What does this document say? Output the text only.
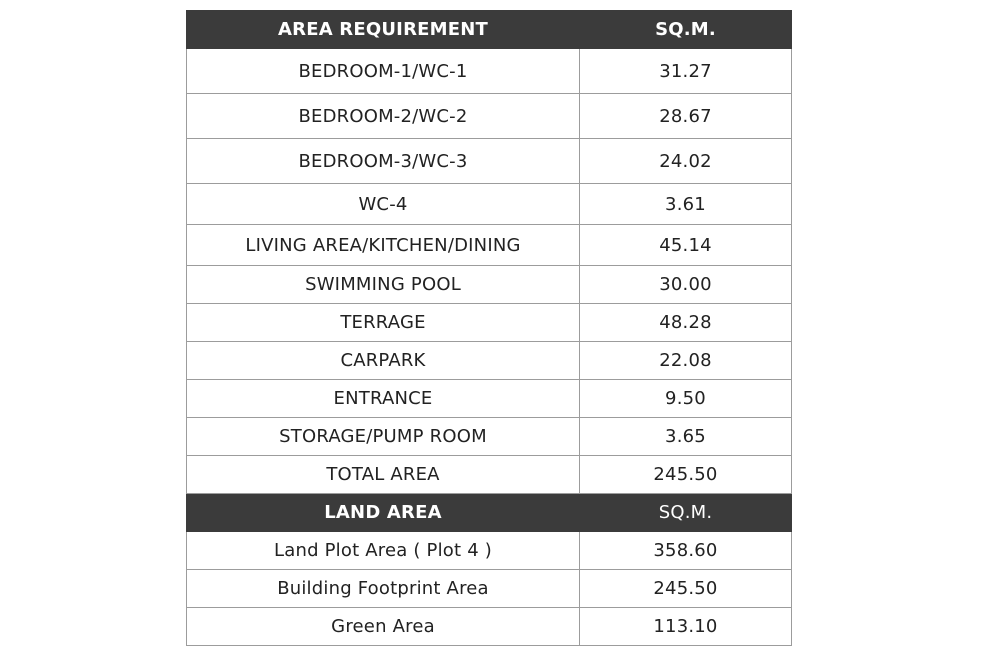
AREA REQUIREMENT	SQ.M.
BEDROOM-1/WC-1	31.27
BEDROOM-2/WC-2	28.67
BEDROOM-3/WC-3	24.02
WC-4	3.61
LIVING AREA/KITCHEN/DINING	45.14
SWIMMING POOL	30.00
TERRAGE	48.28
CARPARK	22.08
ENTRANCE	9.50
STORAGE/PUMP ROOM	3.65
TOTAL AREA	245.50
LAND AREA	SQ.M.
Land Plot Area ( Plot 4 )	358.60
Building Footprint Area	245.50
Green Area	113.10
